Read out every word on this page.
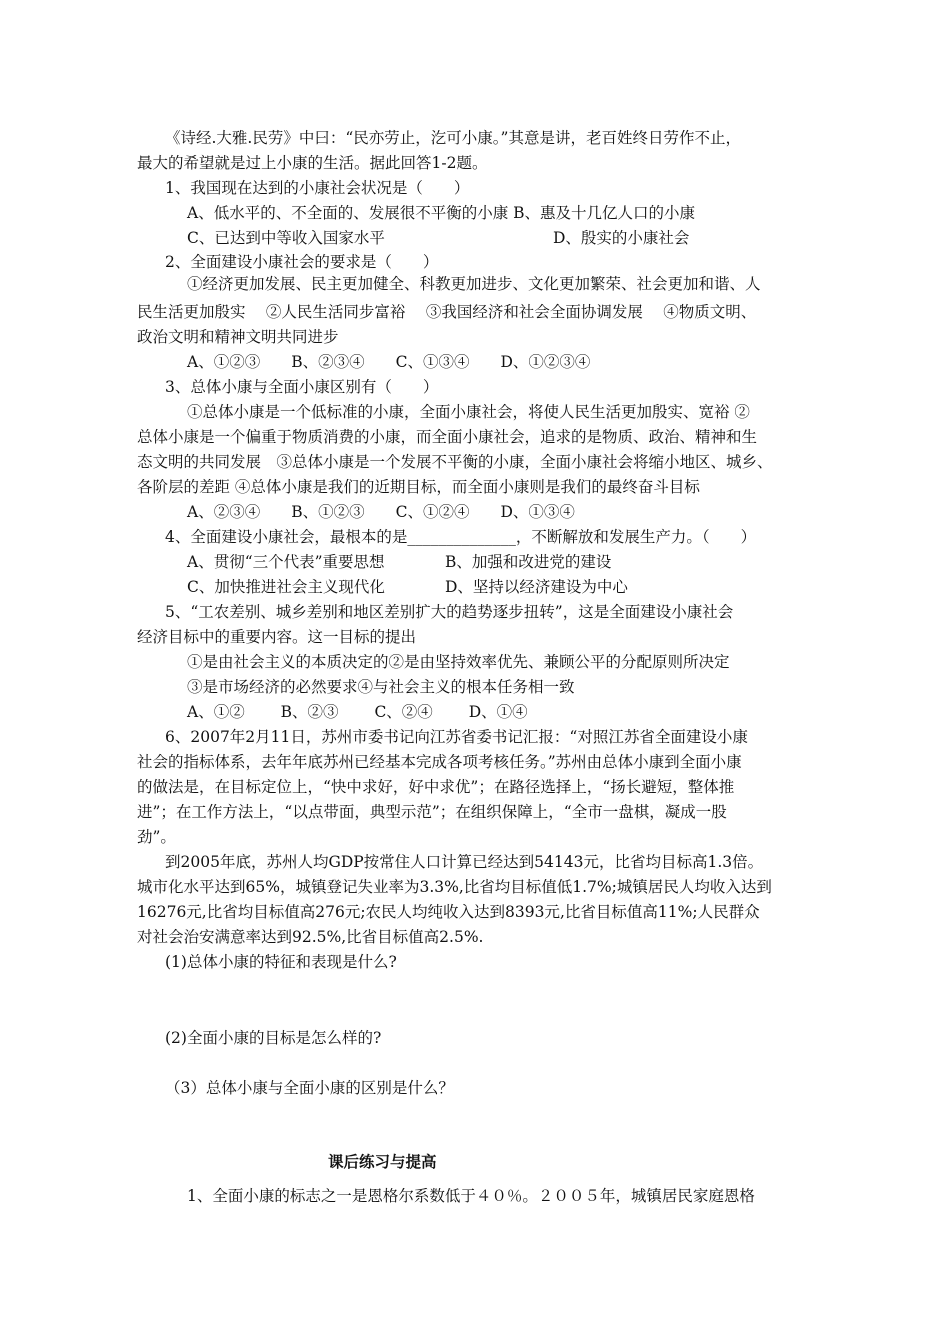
《诗经.大雅.民劳》中曰：“民亦劳止，汔可小康。”其意是讲，老百姓终日劳作不止，
最大的希望就是过上小康的生活。据此回答1-2题。
1、我国现在达到的小康社会状况是（　　）
A、低水平的、不全面的、发展很不平衡的小康 B、惠及十几亿人口的小康
C、已达到中等收入国家水平	D、殷实的小康社会
2、全面建设小康社会的要求是（　　）
①经济更加发展、民主更加健全、科教更加进步、文化更加繁荣、社会更加和谐、人
民生活更加殷实　 ②人民生活同步富裕　 ③我国经济和社会全面协调发展　 ④物质文明、
政治文明和精神文明共同进步
A、①②③　　B、②③④　　C、①③④　　D、①②③④
3、总体小康与全面小康区别有（　　）
①总体小康是一个低标准的小康，全面小康社会，将使人民生活更加殷实、宽裕 ②
总体小康是一个偏重于物质消费的小康，而全面小康社会，追求的是物质、政治、精神和生
态文明的共同发展　③总体小康是一个发展不平衡的小康，全面小康社会将缩小地区、城乡、
各阶层的差距 ④总体小康是我们的近期目标，而全面小康则是我们的最终奋斗目标
A、②③④　　B、①②③　　C、①②④　　D、①③④
4、全面建设小康社会，最根本的是______________，不断解放和发展生产力。（　　）
A、贯彻“三个代表”重要思想	B、加强和改进党的建设
C、加快推进社会主义现代化	D、坚持以经济建设为中心
5、“工农差别、城乡差别和地区差别扩大的趋势逐步扭转”，这是全面建设小康社会
经济目标中的重要内容。这一目标的提出
①是由社会主义的本质决定的②是由坚持效率优先、兼顾公平的分配原则所决定
③是市场经济的必然要求④与社会主义的根本任务相一致
A、①②　　 B、②③　　 C、②④　　 D、①④
6、2007年2月11日，苏州市委书记向江苏省委书记汇报：“对照江苏省全面建设小康
社会的指标体系，去年年底苏州已经基本完成各项考核任务。”苏州由总体小康到全面小康
的做法是，在目标定位上，“快中求好，好中求优”；在路径选择上，“扬长避短，整体推
进”；在工作方法上，“以点带面，典型示范”；在组织保障上，“全市一盘棋，凝成一股
劲”。
到2005年底，苏州人均GDP按常住人口计算已经达到54143元，比省均目标高1.3倍。
城市化水平达到65%，城镇登记失业率为3.3%,比省均目标值低1.7%;城镇居民人均收入达到
16276元,比省均目标值高276元;农民人均纯收入达到8393元,比省目标值高11%;人民群众
对社会治安满意率达到92.5%,比省目标值高2.5%.
(1)总体小康的特征和表现是什么?
(2)全面小康的目标是怎么样的?
（3）总体小康与全面小康的区别是什么？
课后练习与提高
1、全面小康的标志之一是恩格尔系数低于４０％。２００５年，城镇居民家庭恩格
